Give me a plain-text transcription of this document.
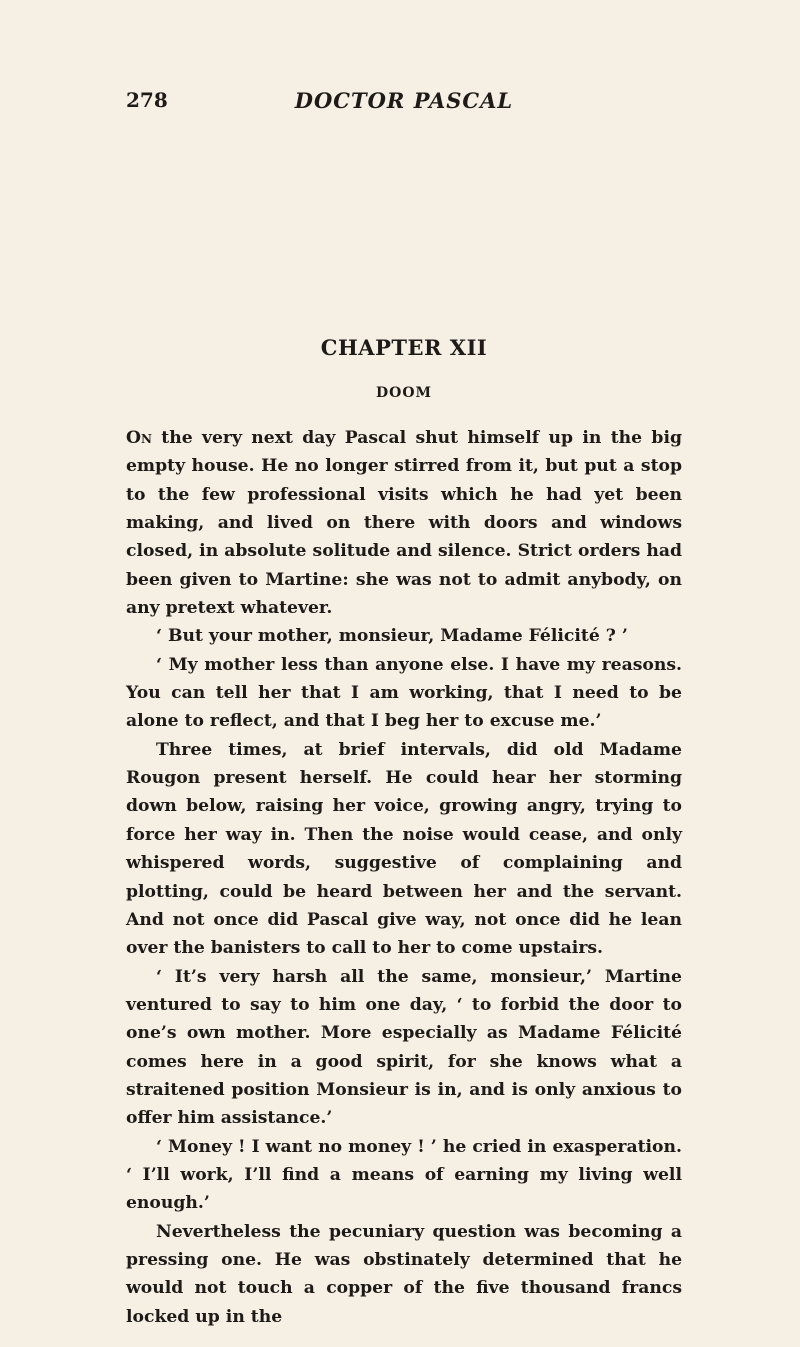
278	DOCTOR PASCAL
CHAPTER XII
DOOM

On the very next day Pascal shut himself up in the big empty house. He no longer stirred from it, but put a stop to the few professional visits which he had yet been making, and lived on there with doors and windows closed, in absolute solitude and silence. Strict orders had been given to Martine: she was not to admit anybody, on any pretext whatever.

‘ But your mother, monsieur, Madame Félicité ? ’

‘ My mother less than anyone else. I have my reasons. You can tell her that I am working, that I need to be alone to reflect, and that I beg her to excuse me.’

Three times, at brief intervals, did old Madame Rougon present herself. He could hear her storming down below, raising her voice, growing angry, trying to force her way in. Then the noise would cease, and only whispered words, suggestive of complaining and plotting, could be heard between her and the servant. And not once did Pascal give way, not once did he lean over the banisters to call to her to come upstairs.

‘ It’s very harsh all the same, monsieur,’ Martine ventured to say to him one day, ‘ to forbid the door to one’s own mother. More especially as Madame Félicité comes here in a good spirit, for she knows what a straitened position Monsieur is in, and is only anxious to offer him assistance.’

‘ Money ! I want no money ! ’ he cried in exasperation. ‘ I’ll work, I’ll find a means of earning my living well enough.’

Nevertheless the pecuniary question was becoming a pressing one. He was obstinately determined that he would not touch a copper of the five thousand francs locked up in the
